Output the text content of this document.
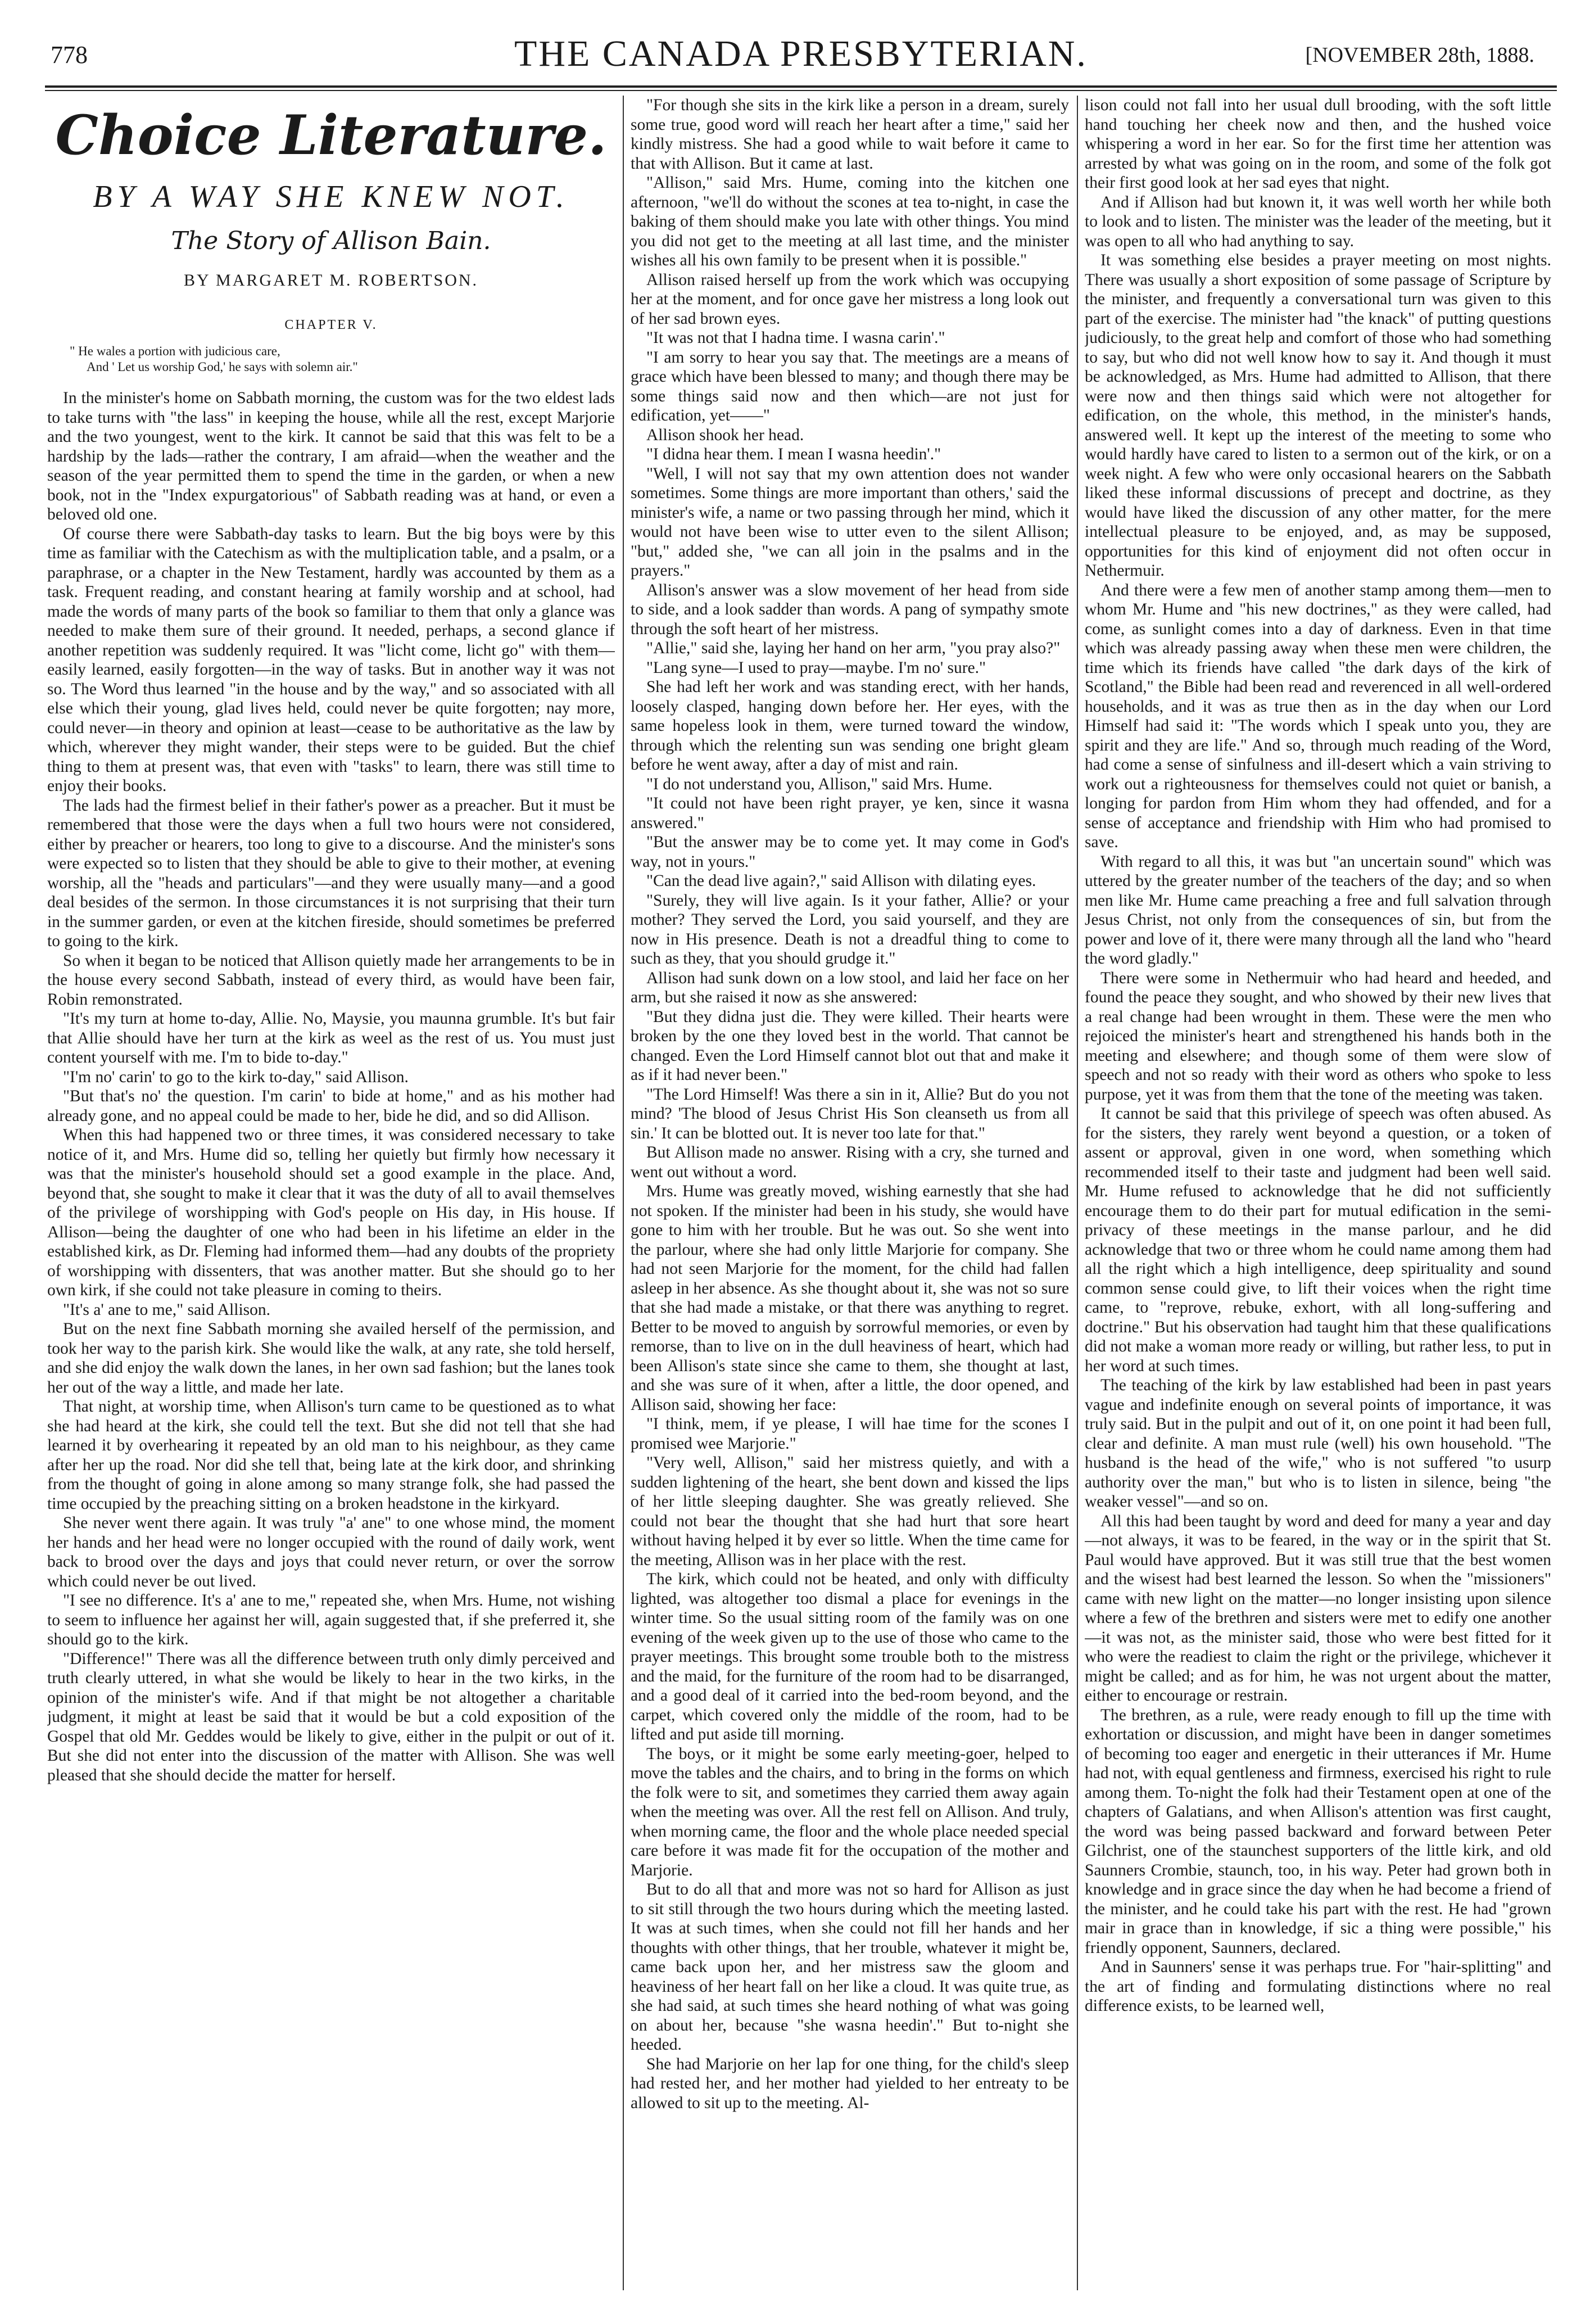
778	THE CANADA PRESBYTERIAN.	[NOVEMBER 28th, 1888.
Choice Literature.
BY A WAY SHE KNEW NOT.
The Story of Allison Bain.
BY MARGARET M. ROBERTSON.
CHAPTER V.
" He wales a portion with judicious care,
And ' Let us worship God,' he says with solemn air."

In the minister's home on Sabbath morning, the custom was for the two eldest lads to take turns with "the lass" in keeping the house, while all the rest, except Marjorie and the two youngest, went to the kirk. It cannot be said that this was felt to be a hardship by the lads—rather the contrary, I am afraid—when the weather and the season of the year permitted them to spend the time in the garden, or when a new book, not in the "Index expurgatorious" of Sabbath reading was at hand, or even a beloved old one.

Of course there were Sabbath-day tasks to learn. But the big boys were by this time as familiar with the Catechism as with the multiplication table, and a psalm, or a paraphrase, or a chapter in the New Testament, hardly was accounted by them as a task. Frequent reading, and constant hearing at family worship and at school, had made the words of many parts of the book so familiar to them that only a glance was needed to make them sure of their ground. It needed, perhaps, a second glance if another repetition was suddenly required. It was "licht come, licht go" with them—easily learned, easily forgotten—in the way of tasks. But in another way it was not so. The Word thus learned "in the house and by the way," and so associated with all else which their young, glad lives held, could never be quite forgotten; nay more, could never—in theory and opinion at least—cease to be authoritative as the law by which, wherever they might wander, their steps were to be guided. But the chief thing to them at present was, that even with "tasks" to learn, there was still time to enjoy their books.

The lads had the firmest belief in their father's power as a preacher. But it must be remembered that those were the days when a full two hours were not considered, either by preacher or hearers, too long to give to a discourse. And the minister's sons were expected so to listen that they should be able to give to their mother, at evening worship, all the "heads and particulars"—and they were usually many—and a good deal besides of the sermon. In those circumstances it is not surprising that their turn in the summer garden, or even at the kitchen fireside, should sometimes be preferred to going to the kirk.

So when it began to be noticed that Allison quietly made her arrangements to be in the house every second Sabbath, instead of every third, as would have been fair, Robin remonstrated.

"It's my turn at home to-day, Allie. No, Maysie, you maunna grumble. It's but fair that Allie should have her turn at the kirk as weel as the rest of us. You must just content yourself with me. I'm to bide to-day."

"I'm no' carin' to go to the kirk to-day," said Allison.

"But that's no' the question. I'm carin' to bide at home," and as his mother had already gone, and no appeal could be made to her, bide he did, and so did Allison.

When this had happened two or three times, it was considered necessary to take notice of it, and Mrs. Hume did so, telling her quietly but firmly how necessary it was that the minister's household should set a good example in the place. And, beyond that, she sought to make it clear that it was the duty of all to avail themselves of the privilege of worshipping with God's people on His day, in His house. If Allison—being the daughter of one who had been in his lifetime an elder in the established kirk, as Dr. Fleming had informed them—had any doubts of the propriety of worshipping with dissenters, that was another matter. But she should go to her own kirk, if she could not take pleasure in coming to theirs.

"It's a' ane to me," said Allison.

But on the next fine Sabbath morning she availed herself of the permission, and took her way to the parish kirk. She would like the walk, at any rate, she told herself, and she did enjoy the walk down the lanes, in her own sad fashion; but the lanes took her out of the way a little, and made her late.

That night, at worship time, when Allison's turn came to be questioned as to what she had heard at the kirk, she could tell the text. But she did not tell that she had learned it by overhearing it repeated by an old man to his neighbour, as they came after her up the road. Nor did she tell that, being late at the kirk door, and shrinking from the thought of going in alone among so many strange folk, she had passed the time occupied by the preaching sitting on a broken headstone in the kirkyard.

She never went there again. It was truly "a' ane" to one whose mind, the moment her hands and her head were no longer occupied with the round of daily work, went back to brood over the days and joys that could never return, or over the sorrow which could never be out lived.

"I see no difference. It's a' ane to me," repeated she, when Mrs. Hume, not wishing to seem to influence her against her will, again suggested that, if she preferred it, she should go to the kirk.

"Difference!" There was all the difference between truth only dimly perceived and truth clearly uttered, in what she would be likely to hear in the two kirks, in the opinion of the minister's wife. And if that might be not altogether a charitable judgment, it might at least be said that it would be but a cold exposition of the Gospel that old Mr. Geddes would be likely to give, either in the pulpit or out of it. But she did not enter into the discussion of the matter with Allison. She was well pleased that she should decide the matter for herself.

"For though she sits in the kirk like a person in a dream, surely some true, good word will reach her heart after a time," said her kindly mistress. She had a good while to wait before it came to that with Allison. But it came at last.

"Allison," said Mrs. Hume, coming into the kitchen one afternoon, "we'll do without the scones at tea to-night, in case the baking of them should make you late with other things. You mind you did not get to the meeting at all last time, and the minister wishes all his own family to be present when it is possible."

Allison raised herself up from the work which was occupying her at the moment, and for once gave her mistress a long look out of her sad brown eyes.

"It was not that I hadna time. I wasna carin'."

"I am sorry to hear you say that. The meetings are a means of grace which have been blessed to many; and though there may be some things said now and then which—are not just for edification, yet——"

Allison shook her head.

"I didna hear them. I mean I wasna heedin'."

"Well, I will not say that my own attention does not wander sometimes. Some things are more important than others,' said the minister's wife, a name or two passing through her mind, which it would not have been wise to utter even to the silent Allison; "but," added she, "we can all join in the psalms and in the prayers."

Allison's answer was a slow movement of her head from side to side, and a look sadder than words. A pang of sympathy smote through the soft heart of her mistress.

"Allie," said she, laying her hand on her arm, "you pray also?"

"Lang syne—I used to pray—maybe. I'm no' sure."

She had left her work and was standing erect, with her hands, loosely clasped, hanging down before her. Her eyes, with the same hopeless look in them, were turned toward the window, through which the relenting sun was sending one bright gleam before he went away, after a day of mist and rain.

"I do not understand you, Allison," said Mrs. Hume.

"It could not have been right prayer, ye ken, since it wasna answered."

"But the answer may be to come yet. It may come in God's way, not in yours."

"Can the dead live again?," said Allison with dilating eyes.

"Surely, they will live again. Is it your father, Allie? or your mother? They served the Lord, you said yourself, and they are now in His presence. Death is not a dreadful thing to come to such as they, that you should grudge it."

Allison had sunk down on a low stool, and laid her face on her arm, but she raised it now as she answered:

"But they didna just die. They were killed. Their hearts were broken by the one they loved best in the world. That cannot be changed. Even the Lord Himself cannot blot out that and make it as if it had never been."

"The Lord Himself! Was there a sin in it, Allie? But do you not mind? 'The blood of Jesus Christ His Son cleanseth us from all sin.' It can be blotted out. It is never too late for that."

But Allison made no answer. Rising with a cry, she turned and went out without a word.

Mrs. Hume was greatly moved, wishing earnestly that she had not spoken. If the minister had been in his study, she would have gone to him with her trouble. But he was out. So she went into the parlour, where she had only little Marjorie for company. She had not seen Marjorie for the moment, for the child had fallen asleep in her absence. As she thought about it, she was not so sure that she had made a mistake, or that there was anything to regret. Better to be moved to anguish by sorrowful memories, or even by remorse, than to live on in the dull heaviness of heart, which had been Allison's state since she came to them, she thought at last, and she was sure of it when, after a little, the door opened, and Allison said, showing her face:

"I think, mem, if ye please, I will hae time for the scones I promised wee Marjorie."

"Very well, Allison," said her mistress quietly, and with a sudden lightening of the heart, she bent down and kissed the lips of her little sleeping daughter. She was greatly relieved. She could not bear the thought that she had hurt that sore heart without having helped it by ever so little. When the time came for the meeting, Allison was in her place with the rest.

The kirk, which could not be heated, and only with difficulty lighted, was altogether too dismal a place for evenings in the winter time. So the usual sitting room of the family was on one evening of the week given up to the use of those who came to the prayer meetings. This brought some trouble both to the mistress and the maid, for the furniture of the room had to be disarranged, and a good deal of it carried into the bed-room beyond, and the carpet, which covered only the middle of the room, had to be lifted and put aside till morning.

The boys, or it might be some early meeting-goer, helped to move the tables and the chairs, and to bring in the forms on which the folk were to sit, and sometimes they carried them away again when the meeting was over. All the rest fell on Allison. And truly, when morning came, the floor and the whole place needed special care before it was made fit for the occupation of the mother and Marjorie.

But to do all that and more was not so hard for Allison as just to sit still through the two hours during which the meeting lasted. It was at such times, when she could not fill her hands and her thoughts with other things, that her trouble, whatever it might be, came back upon her, and her mistress saw the gloom and heaviness of her heart fall on her like a cloud. It was quite true, as she had said, at such times she heard nothing of what was going on about her, because "she wasna heedin'." But to-night she heeded.

She had Marjorie on her lap for one thing, for the child's sleep had rested her, and her mother had yielded to her entreaty to be allowed to sit up to the meeting. Al-

lison could not fall into her usual dull brooding, with the soft little hand touching her cheek now and then, and the hushed voice whispering a word in her ear. So for the first time her attention was arrested by what was going on in the room, and some of the folk got their first good look at her sad eyes that night.

And if Allison had but known it, it was well worth her while both to look and to listen. The minister was the leader of the meeting, but it was open to all who had anything to say.

It was something else besides a prayer meeting on most nights. There was usually a short exposition of some passage of Scripture by the minister, and frequently a conversational turn was given to this part of the exercise. The minister had "the knack" of putting questions judiciously, to the great help and comfort of those who had something to say, but who did not well know how to say it. And though it must be acknowledged, as Mrs. Hume had admitted to Allison, that there were now and then things said which were not altogether for edification, on the whole, this method, in the minister's hands, answered well. It kept up the interest of the meeting to some who would hardly have cared to listen to a sermon out of the kirk, or on a week night. A few who were only occasional hearers on the Sabbath liked these informal discussions of precept and doctrine, as they would have liked the discussion of any other matter, for the mere intellectual pleasure to be enjoyed, and, as may be supposed, opportunities for this kind of enjoyment did not often occur in Nethermuir.

And there were a few men of another stamp among them—men to whom Mr. Hume and "his new doctrines," as they were called, had come, as sunlight comes into a day of darkness. Even in that time which was already passing away when these men were children, the time which its friends have called "the dark days of the kirk of Scotland," the Bible had been read and reverenced in all well-ordered households, and it was as true then as in the day when our Lord Himself had said it: "The words which I speak unto you, they are spirit and they are life." And so, through much reading of the Word, had come a sense of sinfulness and ill-desert which a vain striving to work out a righteousness for themselves could not quiet or banish, a longing for pardon from Him whom they had offended, and for a sense of acceptance and friendship with Him who had promised to save.

With regard to all this, it was but "an uncertain sound" which was uttered by the greater number of the teachers of the day; and so when men like Mr. Hume came preaching a free and full salvation through Jesus Christ, not only from the consequences of sin, but from the power and love of it, there were many through all the land who "heard the word gladly."

There were some in Nethermuir who had heard and heeded, and found the peace they sought, and who showed by their new lives that a real change had been wrought in them. These were the men who rejoiced the minister's heart and strengthened his hands both in the meeting and elsewhere; and though some of them were slow of speech and not so ready with their word as others who spoke to less purpose, yet it was from them that the tone of the meeting was taken.

It cannot be said that this privilege of speech was often abused. As for the sisters, they rarely went beyond a question, or a token of assent or approval, given in one word, when something which recommended itself to their taste and judgment had been well said. Mr. Hume refused to acknowledge that he did not sufficiently encourage them to do their part for mutual edification in the semi-privacy of these meetings in the manse parlour, and he did acknowledge that two or three whom he could name among them had all the right which a high intelligence, deep spirituality and sound common sense could give, to lift their voices when the right time came, to "reprove, rebuke, exhort, with all long-suffering and doctrine." But his observation had taught him that these qualifications did not make a woman more ready or willing, but rather less, to put in her word at such times.

The teaching of the kirk by law established had been in past years vague and indefinite enough on several points of importance, it was truly said. But in the pulpit and out of it, on one point it had been full, clear and definite. A man must rule (well) his own household. "The husband is the head of the wife," who is not suffered "to usurp authority over the man," but who is to listen in silence, being "the weaker vessel"—and so on.

All this had been taught by word and deed for many a year and day—not always, it was to be feared, in the way or in the spirit that St. Paul would have approved. But it was still true that the best women and the wisest had best learned the lesson. So when the "missioners" came with new light on the matter—no longer insisting upon silence where a few of the brethren and sisters were met to edify one another—it was not, as the minister said, those who were best fitted for it who were the readiest to claim the right or the privilege, whichever it might be called; and as for him, he was not urgent about the matter, either to encourage or restrain.

The brethren, as a rule, were ready enough to fill up the time with exhortation or discussion, and might have been in danger sometimes of becoming too eager and energetic in their utterances if Mr. Hume had not, with equal gentleness and firmness, exercised his right to rule among them. To-night the folk had their Testament open at one of the chapters of Galatians, and when Allison's attention was first caught, the word was being passed backward and forward between Peter Gilchrist, one of the staunchest supporters of the little kirk, and old Saunners Crombie, staunch, too, in his way. Peter had grown both in knowledge and in grace since the day when he had become a friend of the minister, and he could take his part with the rest. He had "grown mair in grace than in knowledge, if sic a thing were possible," his friendly opponent, Saunners, declared.

And in Saunners' sense it was perhaps true. For "hair-splitting" and the art of finding and formulating distinctions where no real difference exists, to be learned well,
